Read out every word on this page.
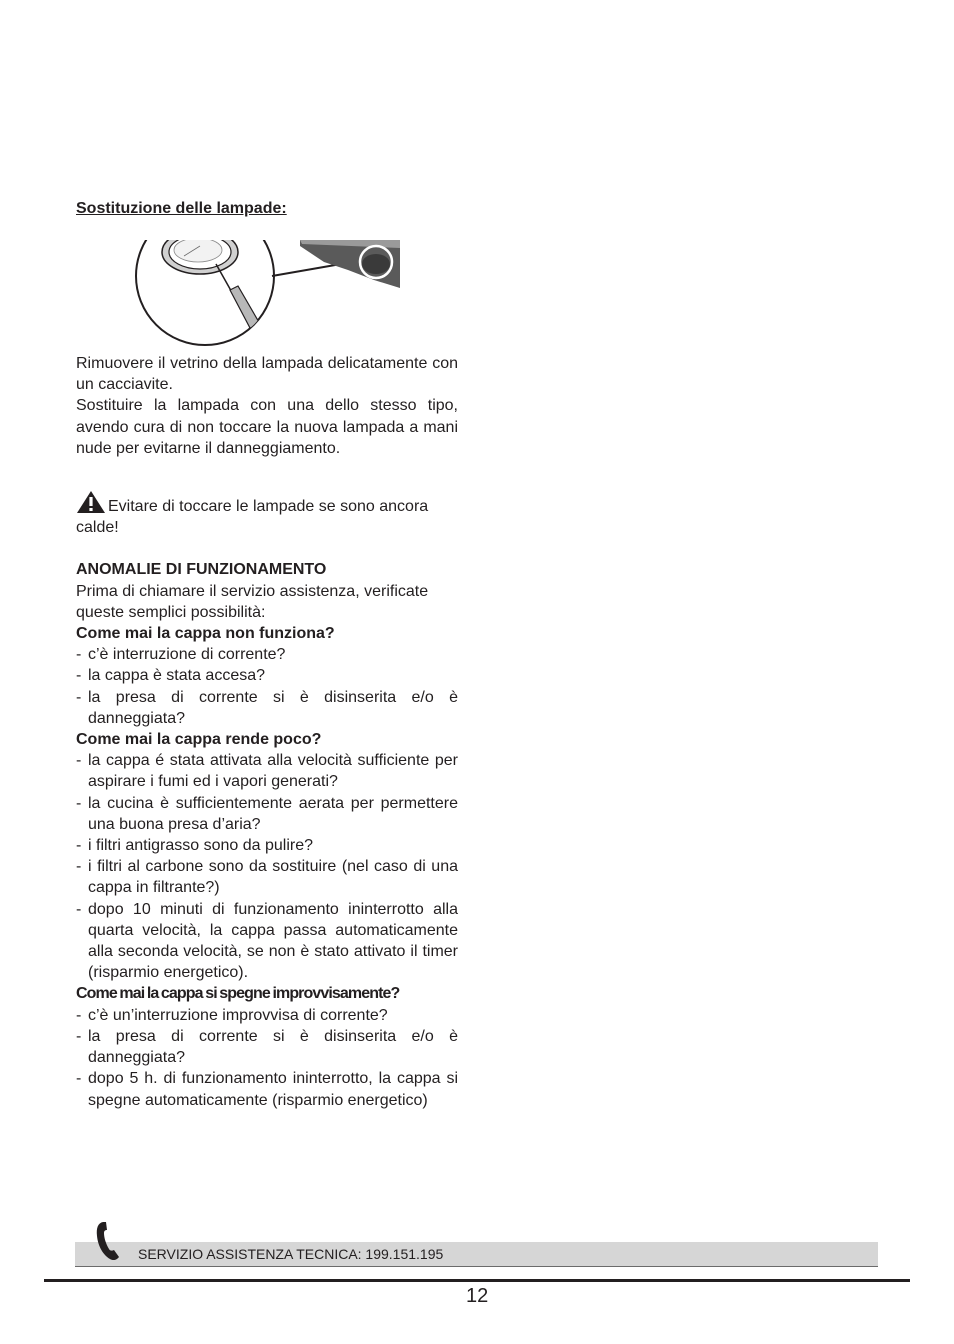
Sostituzione delle lampade:

Rimuovere il vetrino della lampada delicatamente con un cacciavite.

Sostituire la lampada con una dello stesso tipo, avendo cura di non toccare la nuova lampada a mani nude per evitarne il danneggiamento.

Evitare di toccare le lampade se sono ancora calde!

ANOMALIE DI FUNZIONAMENTO

Prima di chiamare il servizio assistenza, verificate queste semplici possibilità:

Come mai la cappa non funziona?

- c’è interruzione di corrente?
- la cappa è stata accesa?
- la presa di corrente si è disinserita e/o è danneggiata?

Come mai la cappa rende poco?

- la cappa é stata attivata alla velocità sufficiente per aspirare i fumi ed i vapori generati?
- la cucina è sufficientemente aerata per permettere una buona presa d’aria?
- i filtri antigrasso sono da pulire?
- i filtri al carbone sono da sostituire (nel caso di una cappa in filtrante?)
- dopo 10 minuti di funzionamento ininterrotto alla quarta velocità, la cappa passa automaticamente alla seconda velocità, se non è stato attivato il timer (risparmio energetico).

Come mai la cappa si spegne improvvisamente?

- c’è un’interruzione improvvisa di corrente?
- la presa di corrente si è disinserita e/o è danneggiata?
- dopo 5 h. di funzionamento ininterrotto, la cappa si spegne automaticamente (risparmio energetico)
SERVIZIO ASSISTENZA TECNICA: 199.151.195
12
